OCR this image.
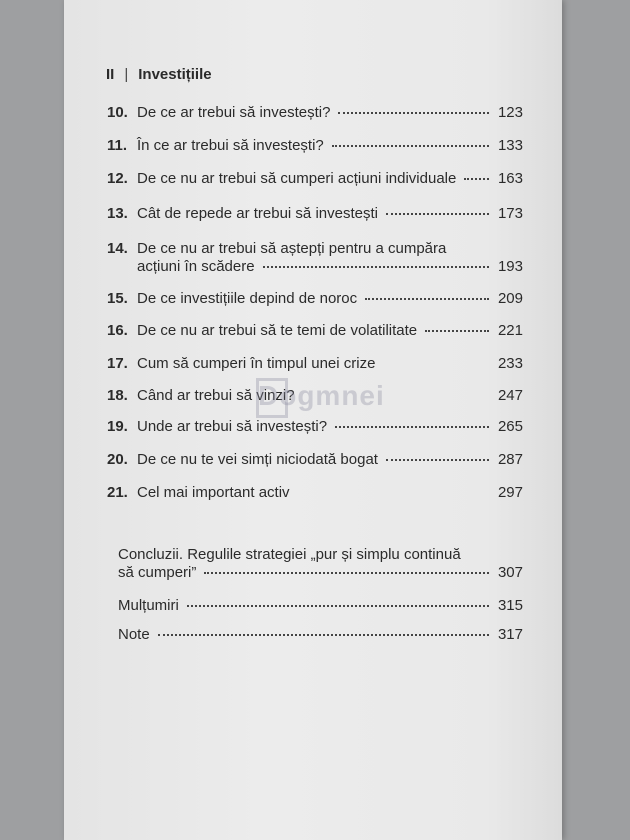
II | Investițiile
10. De ce ar trebui să investești?	123
11. În ce ar trebui să investești?	133
12. De ce nu ar trebui să cumperi acțiuni individuale	163
13. Cât de repede ar trebui să investești	173
14. De ce nu ar trebui să aștepți pentru a cumpăra
acțiuni în scădere	193
15. De ce investițiile depind de noroc	209
16. De ce nu ar trebui să te temi de volatilitate	221
17. Cum să cumperi în timpul unei crize	233
18. Când ar trebui să vinzi?	247
19. Unde ar trebui să investești?	265
20. De ce nu te vei simți niciodată bogat	287
21. Cel mai important activ	297
Concluzii. Regulile strategiei „pur și simplu continuă
să cumperi”	307
Mulțumiri	315
Note	317
Dogmnei
